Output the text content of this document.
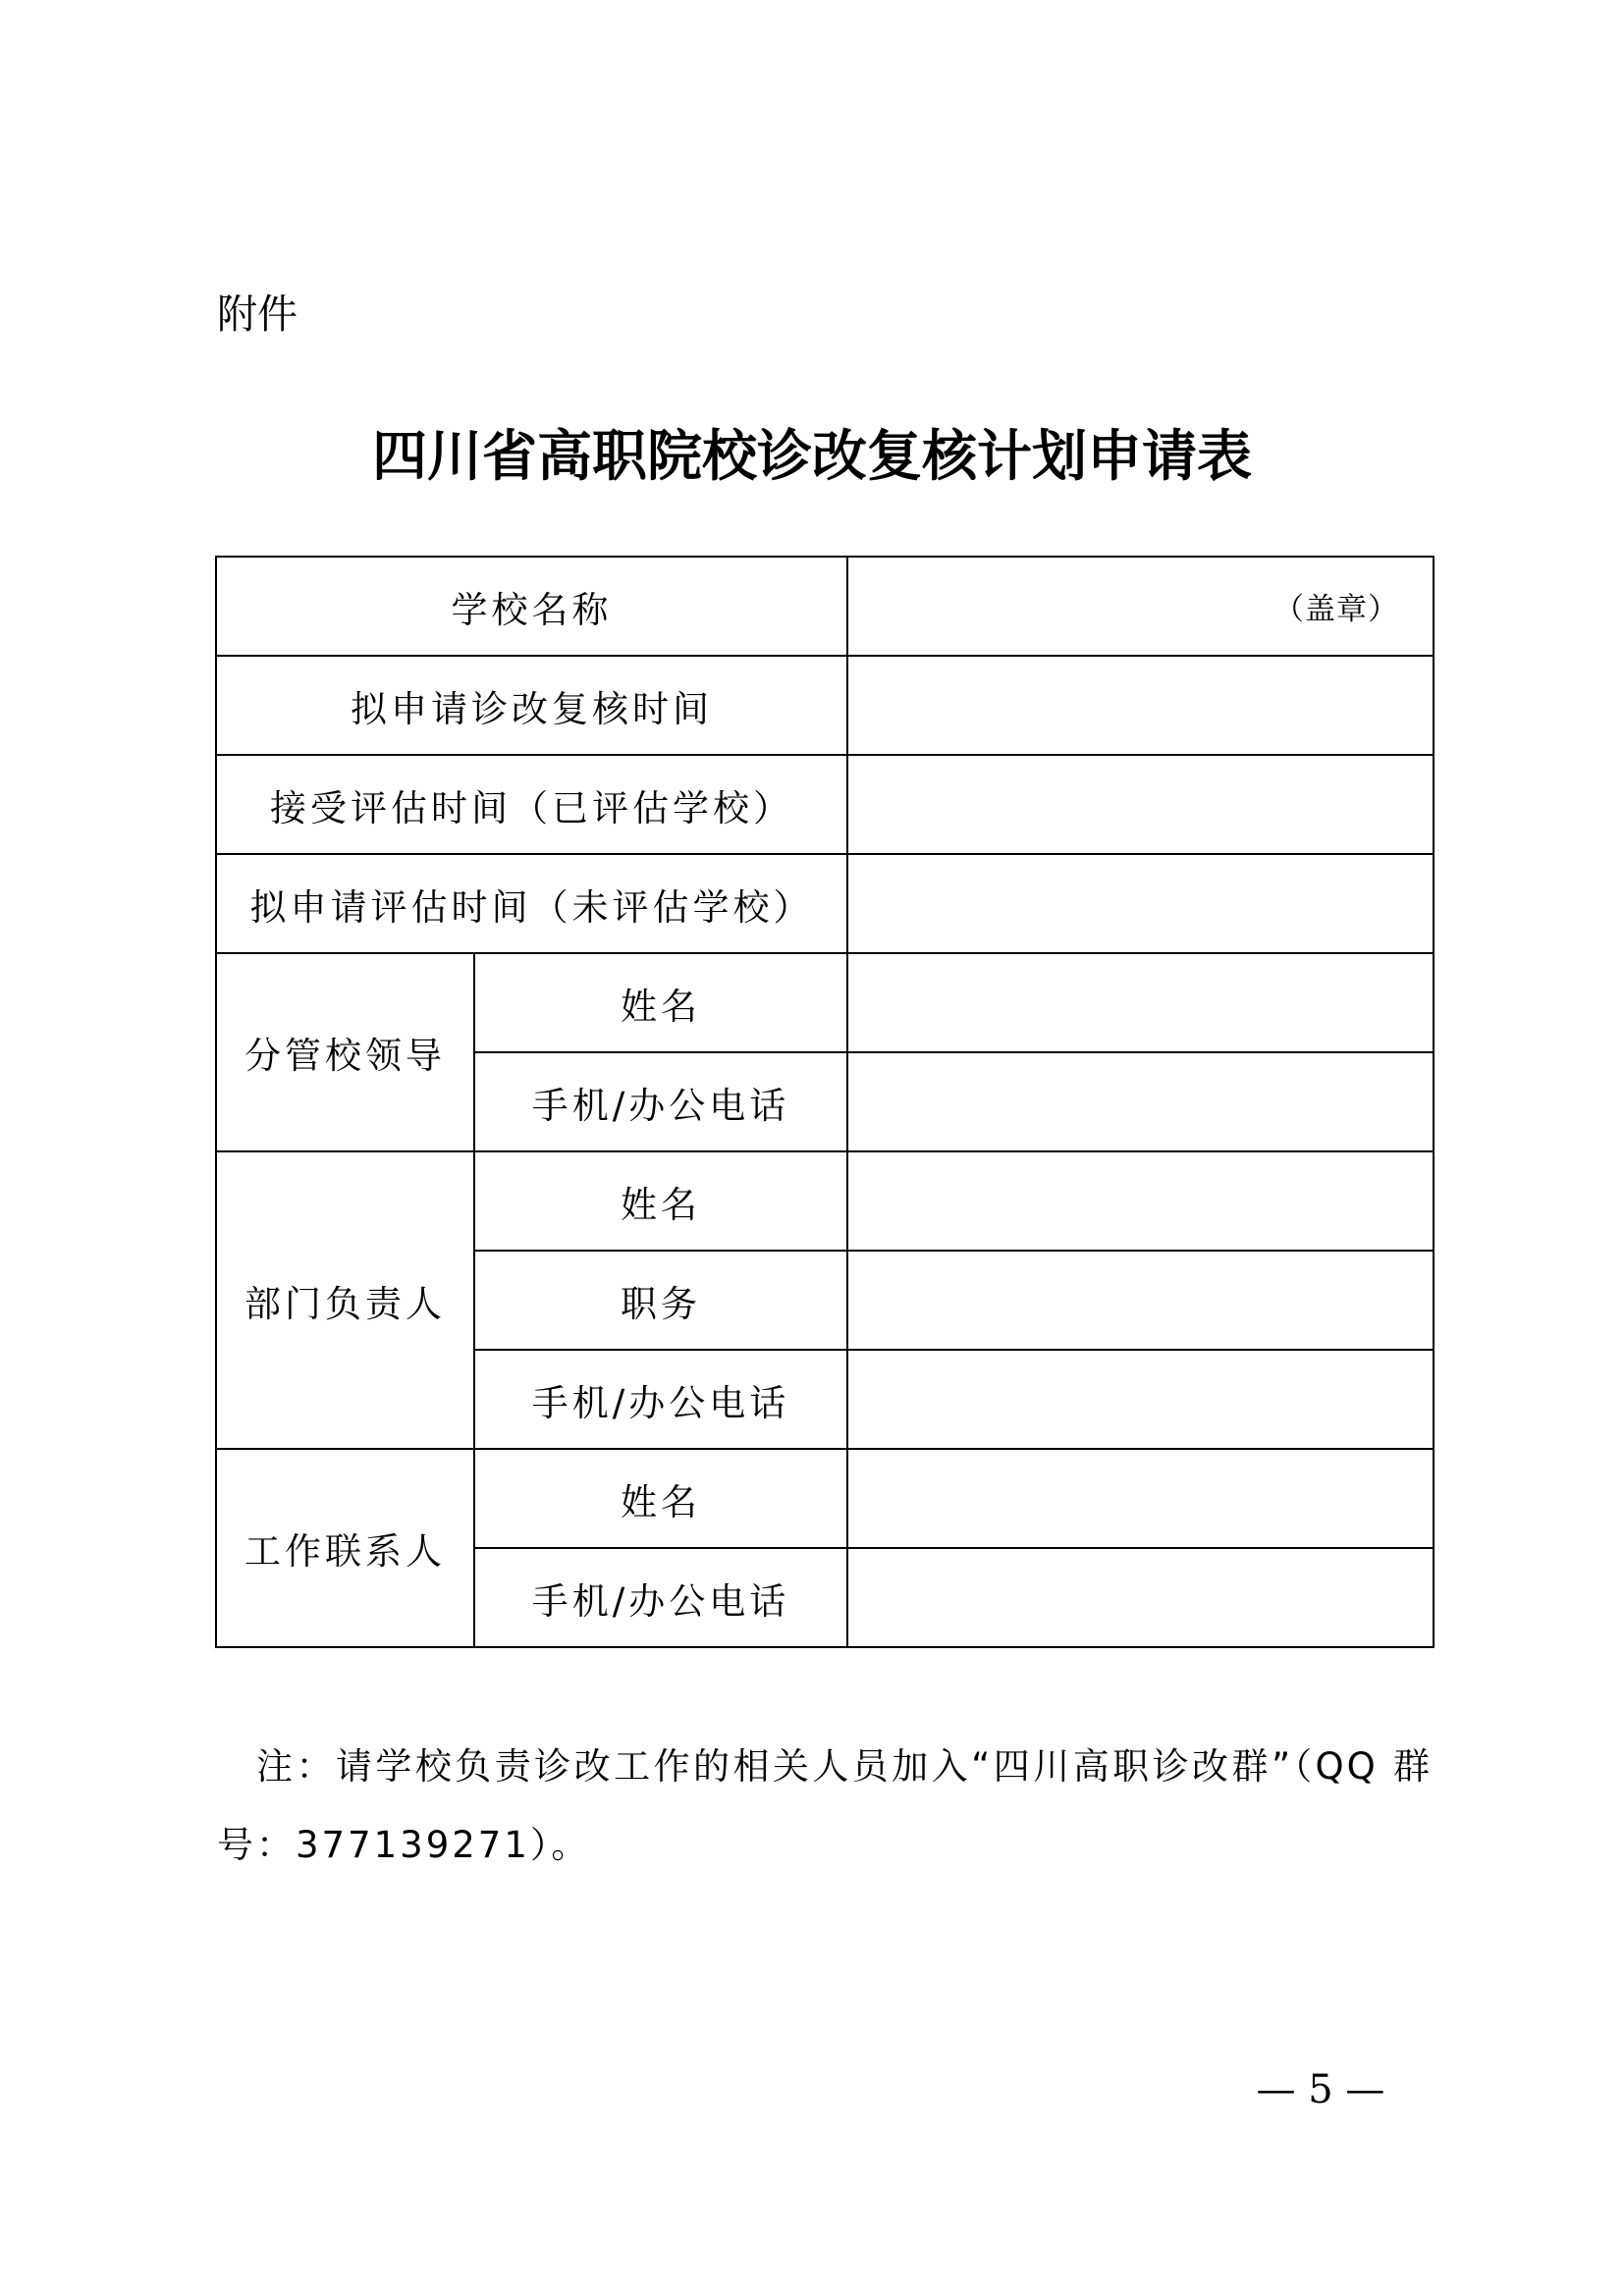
附件
四川省高职院校诊改复核计划申请表
学校名称		（盖章）
拟申请诊改复核时间		
接受评估时间（已评估学校）		
拟申请评估时间（未评估学校）		
分管校领导	姓名	
	手机/办公电话	
部门负责人	姓名	
	职务	
	手机/办公电话	
工作联系人	姓名	
	手机/办公电话	
注：请学校负责诊改工作的相关人员加入“四川高职诊改群”（QQ 群号：377139271）。
— 5 —
